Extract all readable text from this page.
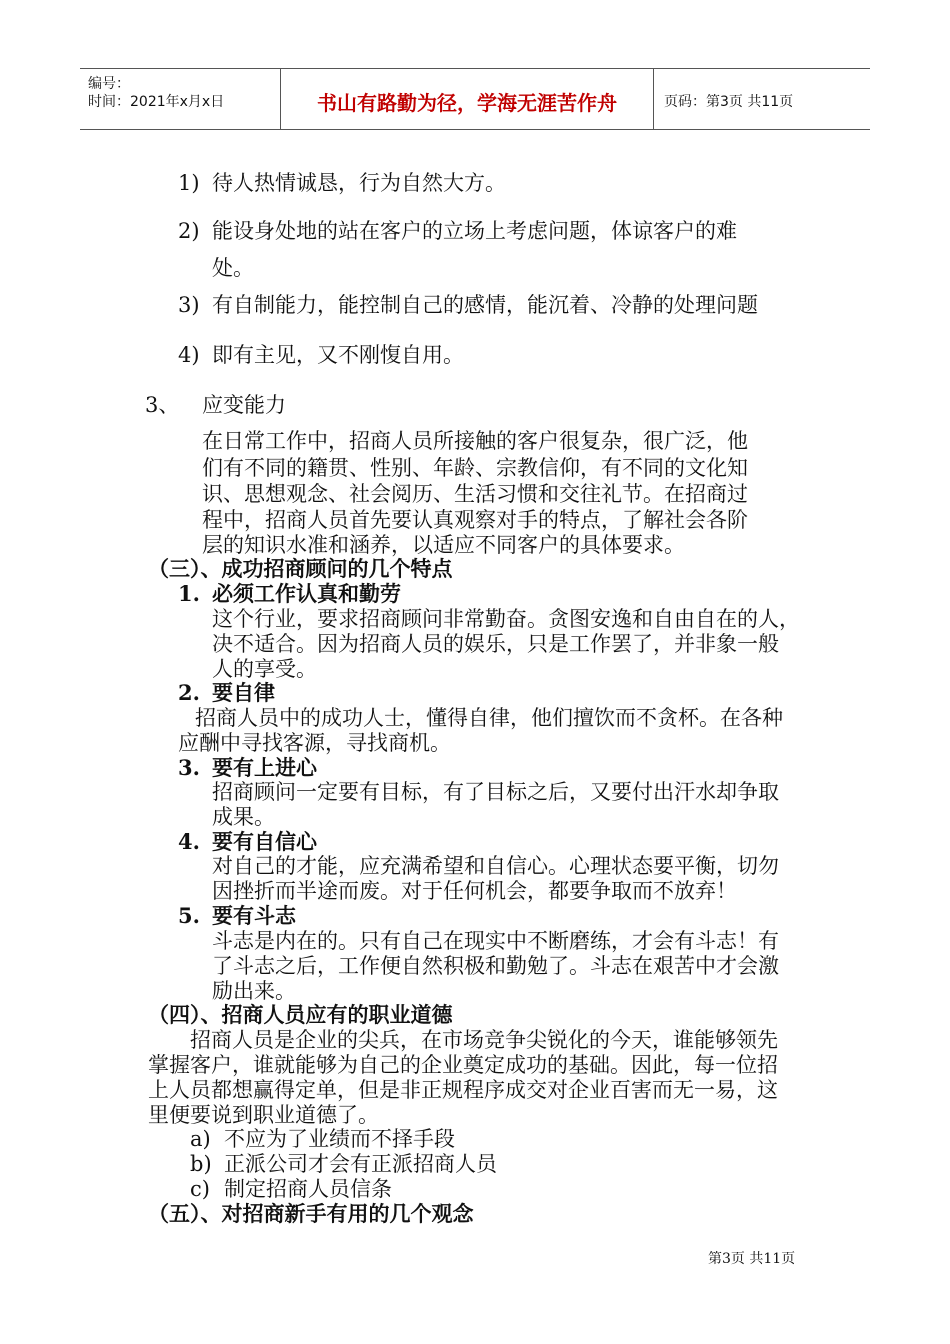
编号：
时间：2021年x月x日	书山有路勤为径，学海无涯苦作舟	页码：第3页 共11页
1) 待人热情诚恳，行为自然大方。
2) 能设身处地的站在客户的立场上考虑问题，体谅客户的难
处。
3) 有自制能力，能控制自己的感情，能沉着、冷静的处理问题
4) 即有主见，又不刚愎自用。
3、 应变能力
在日常工作中，招商人员所接触的客户很复杂，很广泛，他
们有不同的籍贯、性别、年龄、宗教信仰，有不同的文化知
识、思想观念、社会阅历、生活习惯和交往礼节。在招商过
程中，招商人员首先要认真观察对手的特点，了解社会各阶
层的知识水准和涵养，以适应不同客户的具体要求。
（三）、成功招商顾问的几个特点
1. 必须工作认真和勤劳
这个行业，要求招商顾问非常勤奋。贪图安逸和自由自在的人，
决不适合。因为招商人员的娱乐，只是工作罢了，并非象一般
人的享受。
2. 要自律
招商人员中的成功人士，懂得自律，他们擅饮而不贪杯。在各种
应酬中寻找客源，寻找商机。
3. 要有上进心
招商顾问一定要有目标，有了目标之后，又要付出汗水却争取
成果。
4. 要有自信心
对自己的才能，应充满希望和自信心。心理状态要平衡，切勿
因挫折而半途而废。对于任何机会，都要争取而不放弃！
5. 要有斗志
斗志是内在的。只有自己在现实中不断磨练，才会有斗志！有
了斗志之后，工作便自然积极和勤勉了。斗志在艰苦中才会激
励出来。
（四）、招商人员应有的职业道德
招商人员是企业的尖兵，在市场竞争尖锐化的今天，谁能够领先
掌握客户，谁就能够为自己的企业奠定成功的基础。因此，每一位招
上人员都想赢得定单，但是非正规程序成交对企业百害而无一易，这
里便要说到职业道德了。
a) 不应为了业绩而不择手段
b) 正派公司才会有正派招商人员
c) 制定招商人员信条
（五）、对招商新手有用的几个观念
第3页 共11页
